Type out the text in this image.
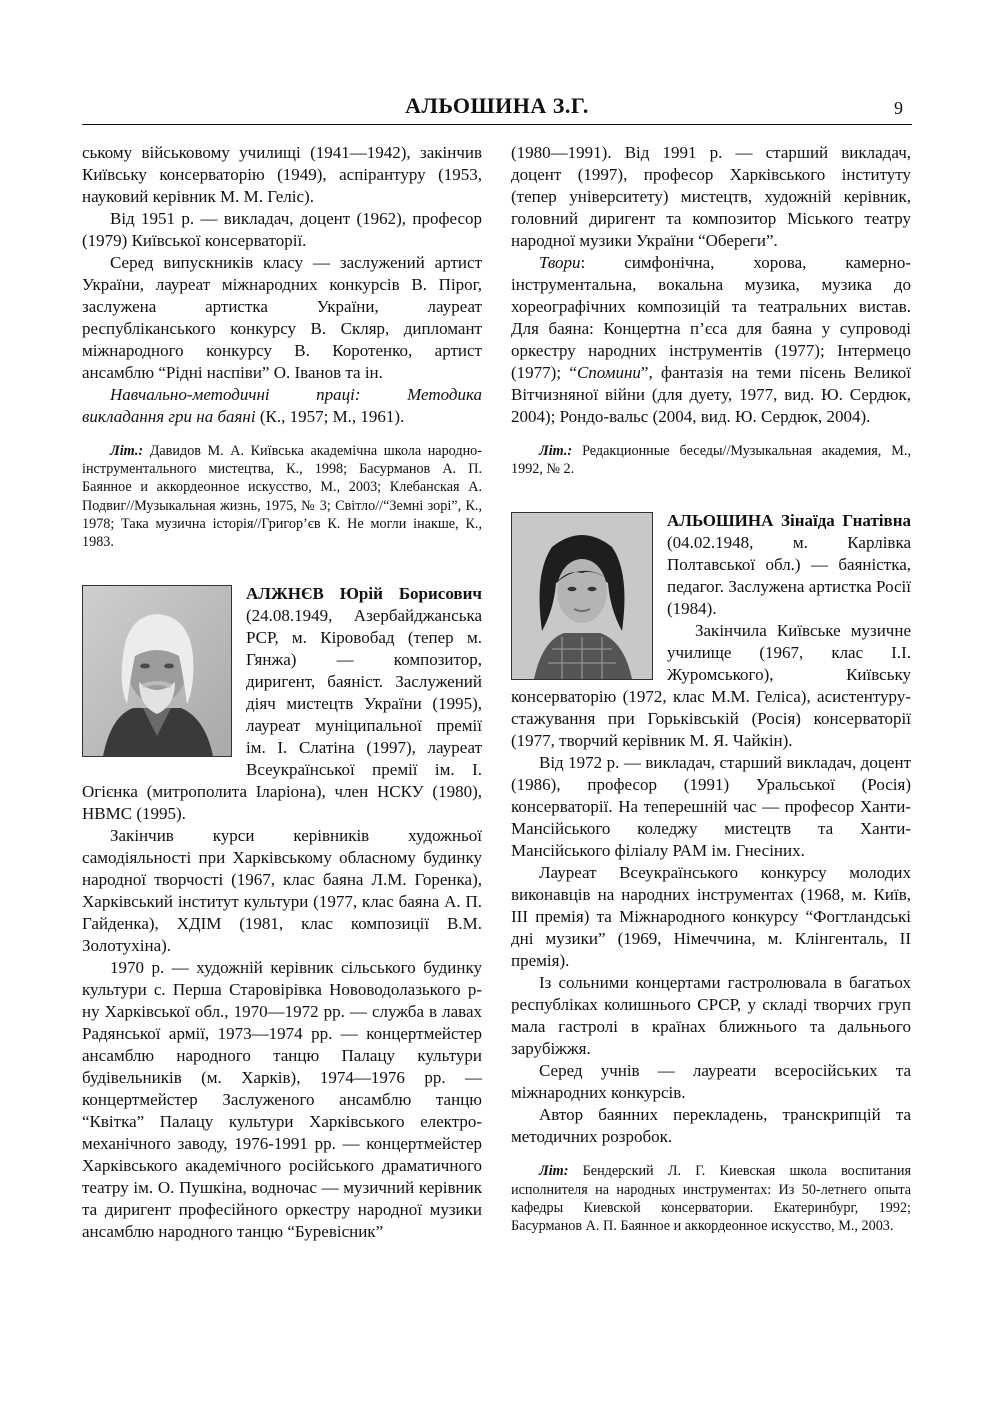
АЛЬОШИНА З.Г.	9

ському військовому училищі (1941—1942), закінчив Київську консерваторію (1949), аспірантуру (1953, науковий керівник М. М. Геліс).

Від 1951 р. — викладач, доцент (1962), професор (1979) Київської консерваторії.

Серед випускників класу — заслужений артист України, лауреат міжнародних конкурсів В. Пірог, заслужена артистка України, лауреат республіканського конкурсу В. Скляр, дипломант міжнародного конкурсу В. Коротенко, артист ансамблю “Рідні наспіви” О. Іванов та ін.

Навчально-методичні праці: Методика викладання гри на баяні (К., 1957; М., 1961).

Літ.: Давидов М. А. Київська академічна школа народно-інструментального мистецтва, К., 1998; Басурманов А. П. Баянное и аккордеонное искусство, М., 2003; Клебанская А. Подвиг//Музыкальная жизнь, 1975, № 3; Світло//“Земні зорі”, К., 1978; Така музична історія//Григор’єв К. Не могли інакше, К., 1983.

АЛЖНЄВ Юрій Борисович (24.08.1949, Азербайджанська РСР, м. Кіровобад (тепер м. Гянжа) — композитор, диригент, баяніст. Заслужений діяч мистецтв України (1995), лауреат муніципальної премії ім. І. Слатіна (1997), лауреат Всеукраїнської премії ім. І. Огієнка (митрополита Іларіона), член НСКУ (1980), НВМС (1995).

Закінчив курси керівників художньої самодіяльності при Харківському обласному будинку народної творчості (1967, клас баяна Л.М. Горенка), Харківський інститут культури (1977, клас баяна А. П. Гайденка), ХДІМ (1981, клас композиції В.М. Золотухіна).

1970 р. — художній керівник сільського будинку культури с. Перша Старовірівка Нововодолазького р-ну Харківської обл., 1970—1972 рр. — служба в лавах Радянської армії, 1973—1974 рр. — концертмейстер ансамблю народного танцю Палацу культури будівельників (м. Харків), 1974—1976 рр. — концертмейстер Заслуженого ансамблю танцю “Квітка” Палацу культури Харківського електро-механічного заводу, 1976-1991 рр. — концертмейстер Харківського академічного російського драматичного театру ім. О. Пушкіна, водночас — музичний керівник та диригент професійного оркестру народної музики ансамблю народного танцю “Буревісник”

(1980—1991). Від 1991 р. — старший викладач, доцент (1997), професор Харківського інституту (тепер університету) мистецтв, художній керівник, головний диригент та композитор Міського театру народної музики України “Обереги”.

Твори: симфонічна, хорова, камерно-інструментальна, вокальна музика, музика до хореографічних композицій та театральних вистав. Для баяна: Концертна п’єса для баяна у супроводі оркестру народних інструментів (1977); Інтермецо (1977); “Спомини”, фантазія на теми пісень Великої Вітчизняної війни (для дуету, 1977, вид. Ю. Сердюк, 2004); Рондо-вальс (2004, вид. Ю. Сердюк, 2004).

Літ.: Редакционные беседы//Музыкальная академия, М., 1992, № 2.

АЛЬОШИНА Зінаїда Гнатівна (04.02.1948, м. Карлівка Полтавської обл.) — баяністка, педагог. Заслужена артистка Росії (1984).

Закінчила Київське музичне училище (1967, клас І.І. Журомського), Київську консерваторію (1972, клас М.М. Геліса), асистентуру-стажування при Горьківській (Росія) консерваторії (1977, творчий керівник М. Я. Чайкін).

Від 1972 р. — викладач, старший викладач, доцент (1986), професор (1991) Уральської (Росія) консерваторії. На теперешній час — професор Ханти-Мансійського коледжу мистецтв та Ханти-Мансійського філіалу РАМ ім. Гнесіних.

Лауреат Всеукраїнського конкурсу молодих виконавців на народних інструментах (1968, м. Київ, ІІІ премія) та Міжнародного конкурсу “Фогтландські дні музики” (1969, Німеччина, м. Клінгенталь, ІІ премія).

Із сольними концертами гастролювала в багатьох республіках колишнього СРСР, у складі творчих груп мала гастролі в країнах ближнього та дальнього зарубіжжя.

Серед учнів — лауреати всеросійських та міжнародних конкурсів.

Автор баянних перекладень, транскрипцій та методичних розробок.

Літ: Бендерский Л. Г. Киевская школа воспитания исполнителя на народных инструментах: Из 50-летнего опыта кафедры Киевской консерватории. Екатеринбург, 1992; Басурманов А. П. Баянное и аккордеонное искусство, М., 2003.
